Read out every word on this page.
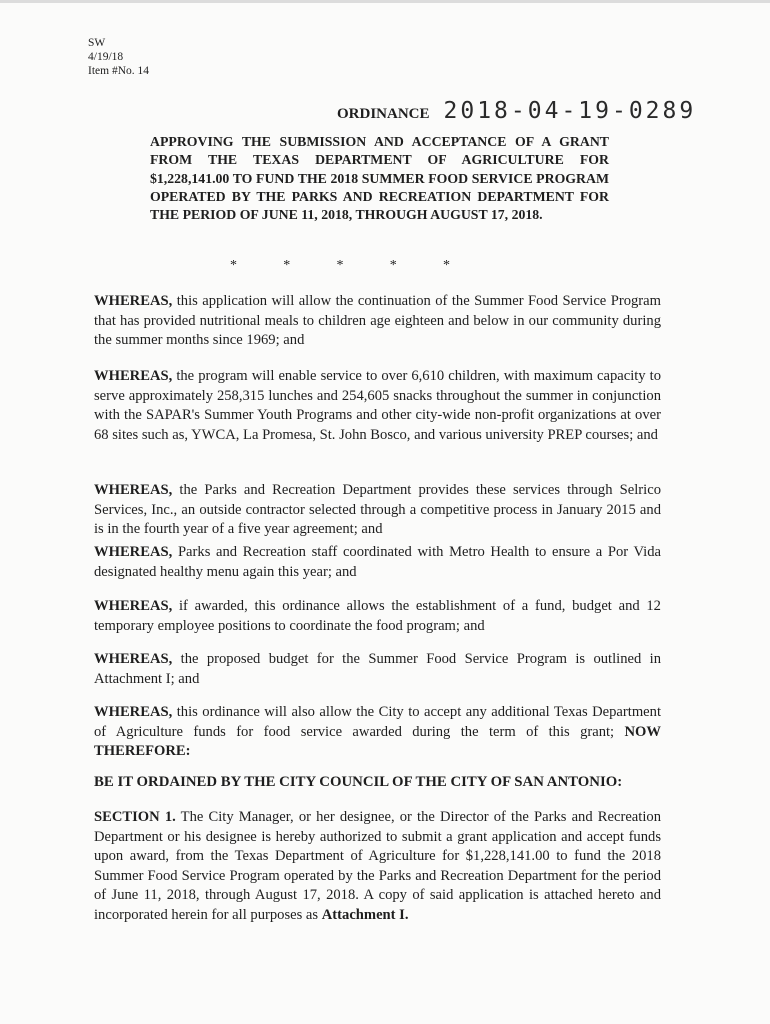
SW
4/19/18
Item #No. 14
ORDINANCE 2018-04-19-0289
APPROVING THE SUBMISSION AND ACCEPTANCE OF A GRANT FROM THE TEXAS DEPARTMENT OF AGRICULTURE FOR $1,228,141.00 TO FUND THE 2018 SUMMER FOOD SERVICE PROGRAM OPERATED BY THE PARKS AND RECREATION DEPARTMENT FOR THE PERIOD OF JUNE 11, 2018, THROUGH AUGUST 17, 2018.
*	*	*	*	*
WHEREAS, this application will allow the continuation of the Summer Food Service Program that has provided nutritional meals to children age eighteen and below in our community during the summer months since 1969; and
WHEREAS, the program will enable service to over 6,610 children, with maximum capacity to serve approximately 258,315 lunches and 254,605 snacks throughout the summer in conjunction with the SAPAR's Summer Youth Programs and other city-wide non-profit organizations at over 68 sites such as, YWCA, La Promesa, St. John Bosco, and various university PREP courses; and
WHEREAS, the Parks and Recreation Department provides these services through Selrico Services, Inc., an outside contractor selected through a competitive process in January 2015 and is in the fourth year of a five year agreement; and
WHEREAS, Parks and Recreation staff coordinated with Metro Health to ensure a Por Vida designated healthy menu again this year; and
WHEREAS, if awarded, this ordinance allows the establishment of a fund, budget and 12 temporary employee positions to coordinate the food program; and
WHEREAS, the proposed budget for the Summer Food Service Program is outlined in Attachment I; and
WHEREAS, this ordinance will also allow the City to accept any additional Texas Department of Agriculture funds for food service awarded during the term of this grant; NOW THEREFORE:
BE IT ORDAINED BY THE CITY COUNCIL OF THE CITY OF SAN ANTONIO:
SECTION 1. The City Manager, or her designee, or the Director of the Parks and Recreation Department or his designee is hereby authorized to submit a grant application and accept funds upon award, from the Texas Department of Agriculture for $1,228,141.00 to fund the 2018 Summer Food Service Program operated by the Parks and Recreation Department for the period of June 11, 2018, through August 17, 2018. A copy of said application is attached hereto and incorporated herein for all purposes as Attachment I.
